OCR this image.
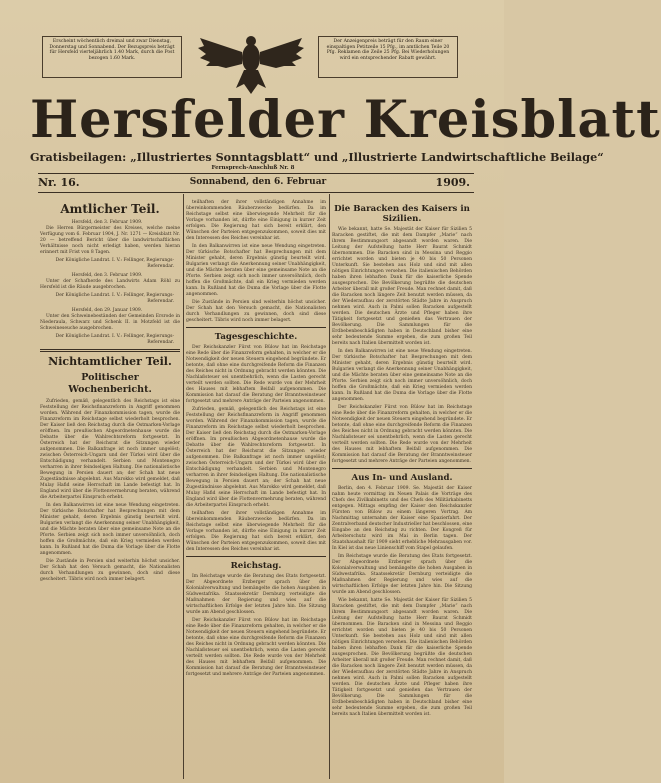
Erscheint wöchentlich dreimal und zwar Dienstag, Donnerstag und Sonnabend. Der Bezugspreis beträgt für Hersfeld vierteljährlich 1.40 Mark, durch die Post bezogen 1.60 Mark.
Der Anzeigenpreis beträgt für den Raum einer einspaltigen Petitzeile 15 Pfg., im amtlichen Teile 20 Pfg. Reklamen die Zeile 25 Pfg. Bei Wiederholungen wird ein entsprechender Rabatt gewährt.
Hersfelder Kreisblatt
Gratisbeilagen: „Illustriertes Sonntagsblatt“ und „Illustrierte Landwirtschaftliche Beilage“
Fernsprech-Anschluß Nr. 8
Nr. 16.	Sonnabend, den 6. Februar	1909.
Amtlicher Teil.
Hersfeld, den 3. Februar 1909.

Die Herren Bürgermeister des Kreises, welche meine Verfügung vom 6. Februar 1904, J. Nr. 1271 — Kreisblatt Nr. 20 — betreffend Bericht über die landwirtschaftlichen Verhältnisse noch nicht erledigt haben, werden hieran erinnert mit Frist von 8 Tagen.

Der Königliche Landrat. I. V.: Fellinger, Regierungs-Referendar.
Hersfeld, den 3. Februar 1909.

Unter der Schafherde des Landwirts Adam Röhl zu Hersfeld ist die Räude ausgebrochen.

Der Königliche Landrat. I. V.: Fellinger, Regierungs-Referendar.
Hersfeld, den 29. Januar 1909.

Unter den Schweinebeständen der Gemeinden Ersrode in Niederaula, Schwarz und Schenk II. in Motzfeld ist die Schweineseuche ausgebrochen.

Der Königliche Landrat. I. V.: Fellinger, Regierungs-Referendar.
Nichtamtlicher Teil.
Politischer Wochenbericht.

Zufrieden, gemäß, gelegentlich des Reichstags ist eine Feststellung der Reichsfinanzreform in Angriff genommen worden. Während der Finanzkommission tagen, wurde die Finanzreform im Reichstage selbst wiederholt besprochen. Der Kaiser ließ den Reichstag durch die Ostmarken-Vorlage eröffnen. Im preußischen Abgeordnetenhause wurde die Debatte über die Wahlrechtsreform fortgesetzt. In Österreich hat der Reichsrat die Sitzungen wieder aufgenommen. Die Balkanfrage ist noch immer ungelöst; zwischen Österreich-Ungarn und der Türkei wird über die Entschädigung verhandelt. Serbien und Montenegro verharren in ihrer feindseligen Haltung. Die nationalistische Bewegung in Persien dauert an; der Schah hat neue Zugeständnisse abgelehnt. Aus Marokko wird gemeldet, daß Mulay Hafid seine Herrschaft im Lande befestigt hat. In England wird über die Flottenvermehrung beraten, während die Arbeiterpartei Einspruch erhebt.

In den Balkanwirren ist eine neue Wendung eingetreten. Der türkische Botschafter hat Besprechungen mit dem Minister gehabt, deren Ergebnis günstig beurteilt wird. Bulgarien verlangt die Anerkennung seiner Unabhängigkeit, und die Mächte beraten über eine gemeinsame Note an die Pforte. Serbien zeigt sich noch immer unversöhnlich, doch hoffen die Großmächte, daß ein Krieg vermieden werden kann. In Rußland hat die Duma die Vorlage über die Flotte angenommen.

Die Zustände in Persien sind weiterhin höchst unsicher. Der Schah hat den Versuch gemacht, die Nationalisten durch Verhandlungen zu gewinnen, doch sind diese gescheitert. Täbris wird noch immer belagert.

teilhaften der ihrer vollständigen Annahme im übereinkommenden Räuberzwecke bedürfen. Da im Reichstage selbst eine überwiegende Mehrheit für die Vorlage vorhanden ist, dürfte eine Einigung in kurzer Zeit erfolgen. Die Regierung hat sich bereit erklärt, den Wünschen der Parteien entgegenzukommen, soweit dies mit den Interessen des Reiches vereinbar ist.

In den Balkanwirren ist eine neue Wendung eingetreten. Der türkische Botschafter hat Besprechungen mit dem Minister gehabt, deren Ergebnis günstig beurteilt wird. Bulgarien verlangt die Anerkennung seiner Unabhängigkeit, und die Mächte beraten über eine gemeinsame Note an die Pforte. Serbien zeigt sich noch immer unversöhnlich, doch hoffen die Großmächte, daß ein Krieg vermieden werden kann. In Rußland hat die Duma die Vorlage über die Flotte angenommen.

Die Zustände in Persien sind weiterhin höchst unsicher. Der Schah hat den Versuch gemacht, die Nationalisten durch Verhandlungen zu gewinnen, doch sind diese gescheitert. Täbris wird noch immer belagert.

Tagesgeschichte.

Der Reichskanzler Fürst von Bülow hat im Reichstage eine Rede über die Finanzreform gehalten, in welcher er die Notwendigkeit der neuen Steuern eingehend begründete. Er betonte, daß ohne eine durchgreifende Reform die Finanzen des Reiches nicht in Ordnung gebracht werden könnten. Die Nachlaßsteuer sei unentbehrlich, wenn die Lasten gerecht verteilt werden sollten. Die Rede wurde von der Mehrheit des Hauses mit lebhaftem Beifall aufgenommen. Die Kommission hat darauf die Beratung der Branntweinsteuer fortgesetzt und mehrere Anträge der Parteien angenommen.

Zufrieden, gemäß, gelegentlich des Reichstags ist eine Feststellung der Reichsfinanzreform in Angriff genommen worden. Während der Finanzkommission tagen, wurde die Finanzreform im Reichstage selbst wiederholt besprochen. Der Kaiser ließ den Reichstag durch die Ostmarken-Vorlage eröffnen. Im preußischen Abgeordnetenhause wurde die Debatte über die Wahlrechtsreform fortgesetzt. In Österreich hat der Reichsrat die Sitzungen wieder aufgenommen. Die Balkanfrage ist noch immer ungelöst; zwischen Österreich-Ungarn und der Türkei wird über die Entschädigung verhandelt. Serbien und Montenegro verharren in ihrer feindseligen Haltung. Die nationalistische Bewegung in Persien dauert an; der Schah hat neue Zugeständnisse abgelehnt. Aus Marokko wird gemeldet, daß Mulay Hafid seine Herrschaft im Lande befestigt hat. In England wird über die Flottenvermehrung beraten, während die Arbeiterpartei Einspruch erhebt.

teilhaften der ihrer vollständigen Annahme im übereinkommenden Räuberzwecke bedürfen. Da im Reichstage selbst eine überwiegende Mehrheit für die Vorlage vorhanden ist, dürfte eine Einigung in kurzer Zeit erfolgen. Die Regierung hat sich bereit erklärt, den Wünschen der Parteien entgegenzukommen, soweit dies mit den Interessen des Reiches vereinbar ist.

Reichstag.

Im Reichstage wurde die Beratung des Etats fortgesetzt. Der Abgeordnete Erzberger sprach über die Kolonialverwaltung und bemängelte die hohen Ausgaben in Südwestafrika. Staatssekretär Dernburg verteidigte die Maßnahmen der Regierung und wies auf die wirtschaftlichen Erfolge der letzten Jahre hin. Die Sitzung wurde am Abend geschlossen.

Der Reichskanzler Fürst von Bülow hat im Reichstage eine Rede über die Finanzreform gehalten, in welcher er die Notwendigkeit der neuen Steuern eingehend begründete. Er betonte, daß ohne eine durchgreifende Reform die Finanzen des Reiches nicht in Ordnung gebracht werden könnten. Die Nachlaßsteuer sei unentbehrlich, wenn die Lasten gerecht verteilt werden sollten. Die Rede wurde von der Mehrheit des Hauses mit lebhaftem Beifall aufgenommen. Die Kommission hat darauf die Beratung der Branntweinsteuer fortgesetzt und mehrere Anträge der Parteien angenommen.

Die Baracken des Kaisers in Sizilien.

Wie bekannt, hatte Se. Majestät der Kaiser für Sizilien 5 Baracken gestiftet, die mit dem Dampfer „Marie“ nach ihrem Bestimmungsort abgesandt worden waren. Die Leitung der Aufstellung hatte Herr Baurat Schmidt übernommen. Die Baracken sind in Messina und Reggio errichtet worden und bieten je 40 bis 50 Personen Unterkunft. Sie bestehen aus Holz und sind mit allen nötigen Einrichtungen versehen. Die italienischen Behörden haben ihren lebhaften Dank für die kaiserliche Spende ausgesprochen. Die Bevölkerung begrüßte die deutschen Arbeiter überall mit großer Freude. Man rechnet damit, daß die Baracken noch längere Zeit benutzt werden müssen, da der Wiederaufbau der zerstörten Städte Jahre in Anspruch nehmen wird. Auch in Palmi sollen Baracken aufgestellt werden. Die deutschen Ärzte und Pfleger haben ihre Tätigkeit fortgesetzt und genießen das Vertrauen der Bevölkerung. Die Sammlungen für die Erdbebenbeschädigten haben in Deutschland bisher eine sehr bedeutende Summe ergeben, die zum großen Teil bereits nach Italien übermittelt worden ist.

In den Balkanwirren ist eine neue Wendung eingetreten. Der türkische Botschafter hat Besprechungen mit dem Minister gehabt, deren Ergebnis günstig beurteilt wird. Bulgarien verlangt die Anerkennung seiner Unabhängigkeit, und die Mächte beraten über eine gemeinsame Note an die Pforte. Serbien zeigt sich noch immer unversöhnlich, doch hoffen die Großmächte, daß ein Krieg vermieden werden kann. In Rußland hat die Duma die Vorlage über die Flotte angenommen.

Der Reichskanzler Fürst von Bülow hat im Reichstage eine Rede über die Finanzreform gehalten, in welcher er die Notwendigkeit der neuen Steuern eingehend begründete. Er betonte, daß ohne eine durchgreifende Reform die Finanzen des Reiches nicht in Ordnung gebracht werden könnten. Die Nachlaßsteuer sei unentbehrlich, wenn die Lasten gerecht verteilt werden sollten. Die Rede wurde von der Mehrheit des Hauses mit lebhaftem Beifall aufgenommen. Die Kommission hat darauf die Beratung der Branntweinsteuer fortgesetzt und mehrere Anträge der Parteien angenommen.

Aus In- und Ausland.

Berlin, den 4. Februar 1909. Se. Majestät der Kaiser nahm heute vormittag im Neuen Palais die Vorträge des Chefs des Zivilkabinetts und des Chefs des Militärkabinetts entgegen. Mittags empfing der Kaiser den Reichskanzler Fürsten von Bülow zu einem längeren Vortrag. Am Nachmittag unternahm der Kaiser eine Spazierfahrt. Der Zentralverband deutscher Industrieller hat beschlossen, eine Eingabe an den Reichstag zu richten. Der Kongreß für Arbeiterschutz wird im Mai in Berlin tagen. Der Staatshaushalt für 1909 sieht erhebliche Mehrausgaben vor. In Kiel ist das neue Linienschiff vom Stapel gelaufen.

Im Reichstage wurde die Beratung des Etats fortgesetzt. Der Abgeordnete Erzberger sprach über die Kolonialverwaltung und bemängelte die hohen Ausgaben in Südwestafrika. Staatssekretär Dernburg verteidigte die Maßnahmen der Regierung und wies auf die wirtschaftlichen Erfolge der letzten Jahre hin. Die Sitzung wurde am Abend geschlossen.

Wie bekannt, hatte Se. Majestät der Kaiser für Sizilien 5 Baracken gestiftet, die mit dem Dampfer „Marie“ nach ihrem Bestimmungsort abgesandt worden waren. Die Leitung der Aufstellung hatte Herr Baurat Schmidt übernommen. Die Baracken sind in Messina und Reggio errichtet worden und bieten je 40 bis 50 Personen Unterkunft. Sie bestehen aus Holz und sind mit allen nötigen Einrichtungen versehen. Die italienischen Behörden haben ihren lebhaften Dank für die kaiserliche Spende ausgesprochen. Die Bevölkerung begrüßte die deutschen Arbeiter überall mit großer Freude. Man rechnet damit, daß die Baracken noch längere Zeit benutzt werden müssen, da der Wiederaufbau der zerstörten Städte Jahre in Anspruch nehmen wird. Auch in Palmi sollen Baracken aufgestellt werden. Die deutschen Ärzte und Pfleger haben ihre Tätigkeit fortgesetzt und genießen das Vertrauen der Bevölkerung. Die Sammlungen für die Erdbebenbeschädigten haben in Deutschland bisher eine sehr bedeutende Summe ergeben, die zum großen Teil bereits nach Italien übermittelt worden ist.
